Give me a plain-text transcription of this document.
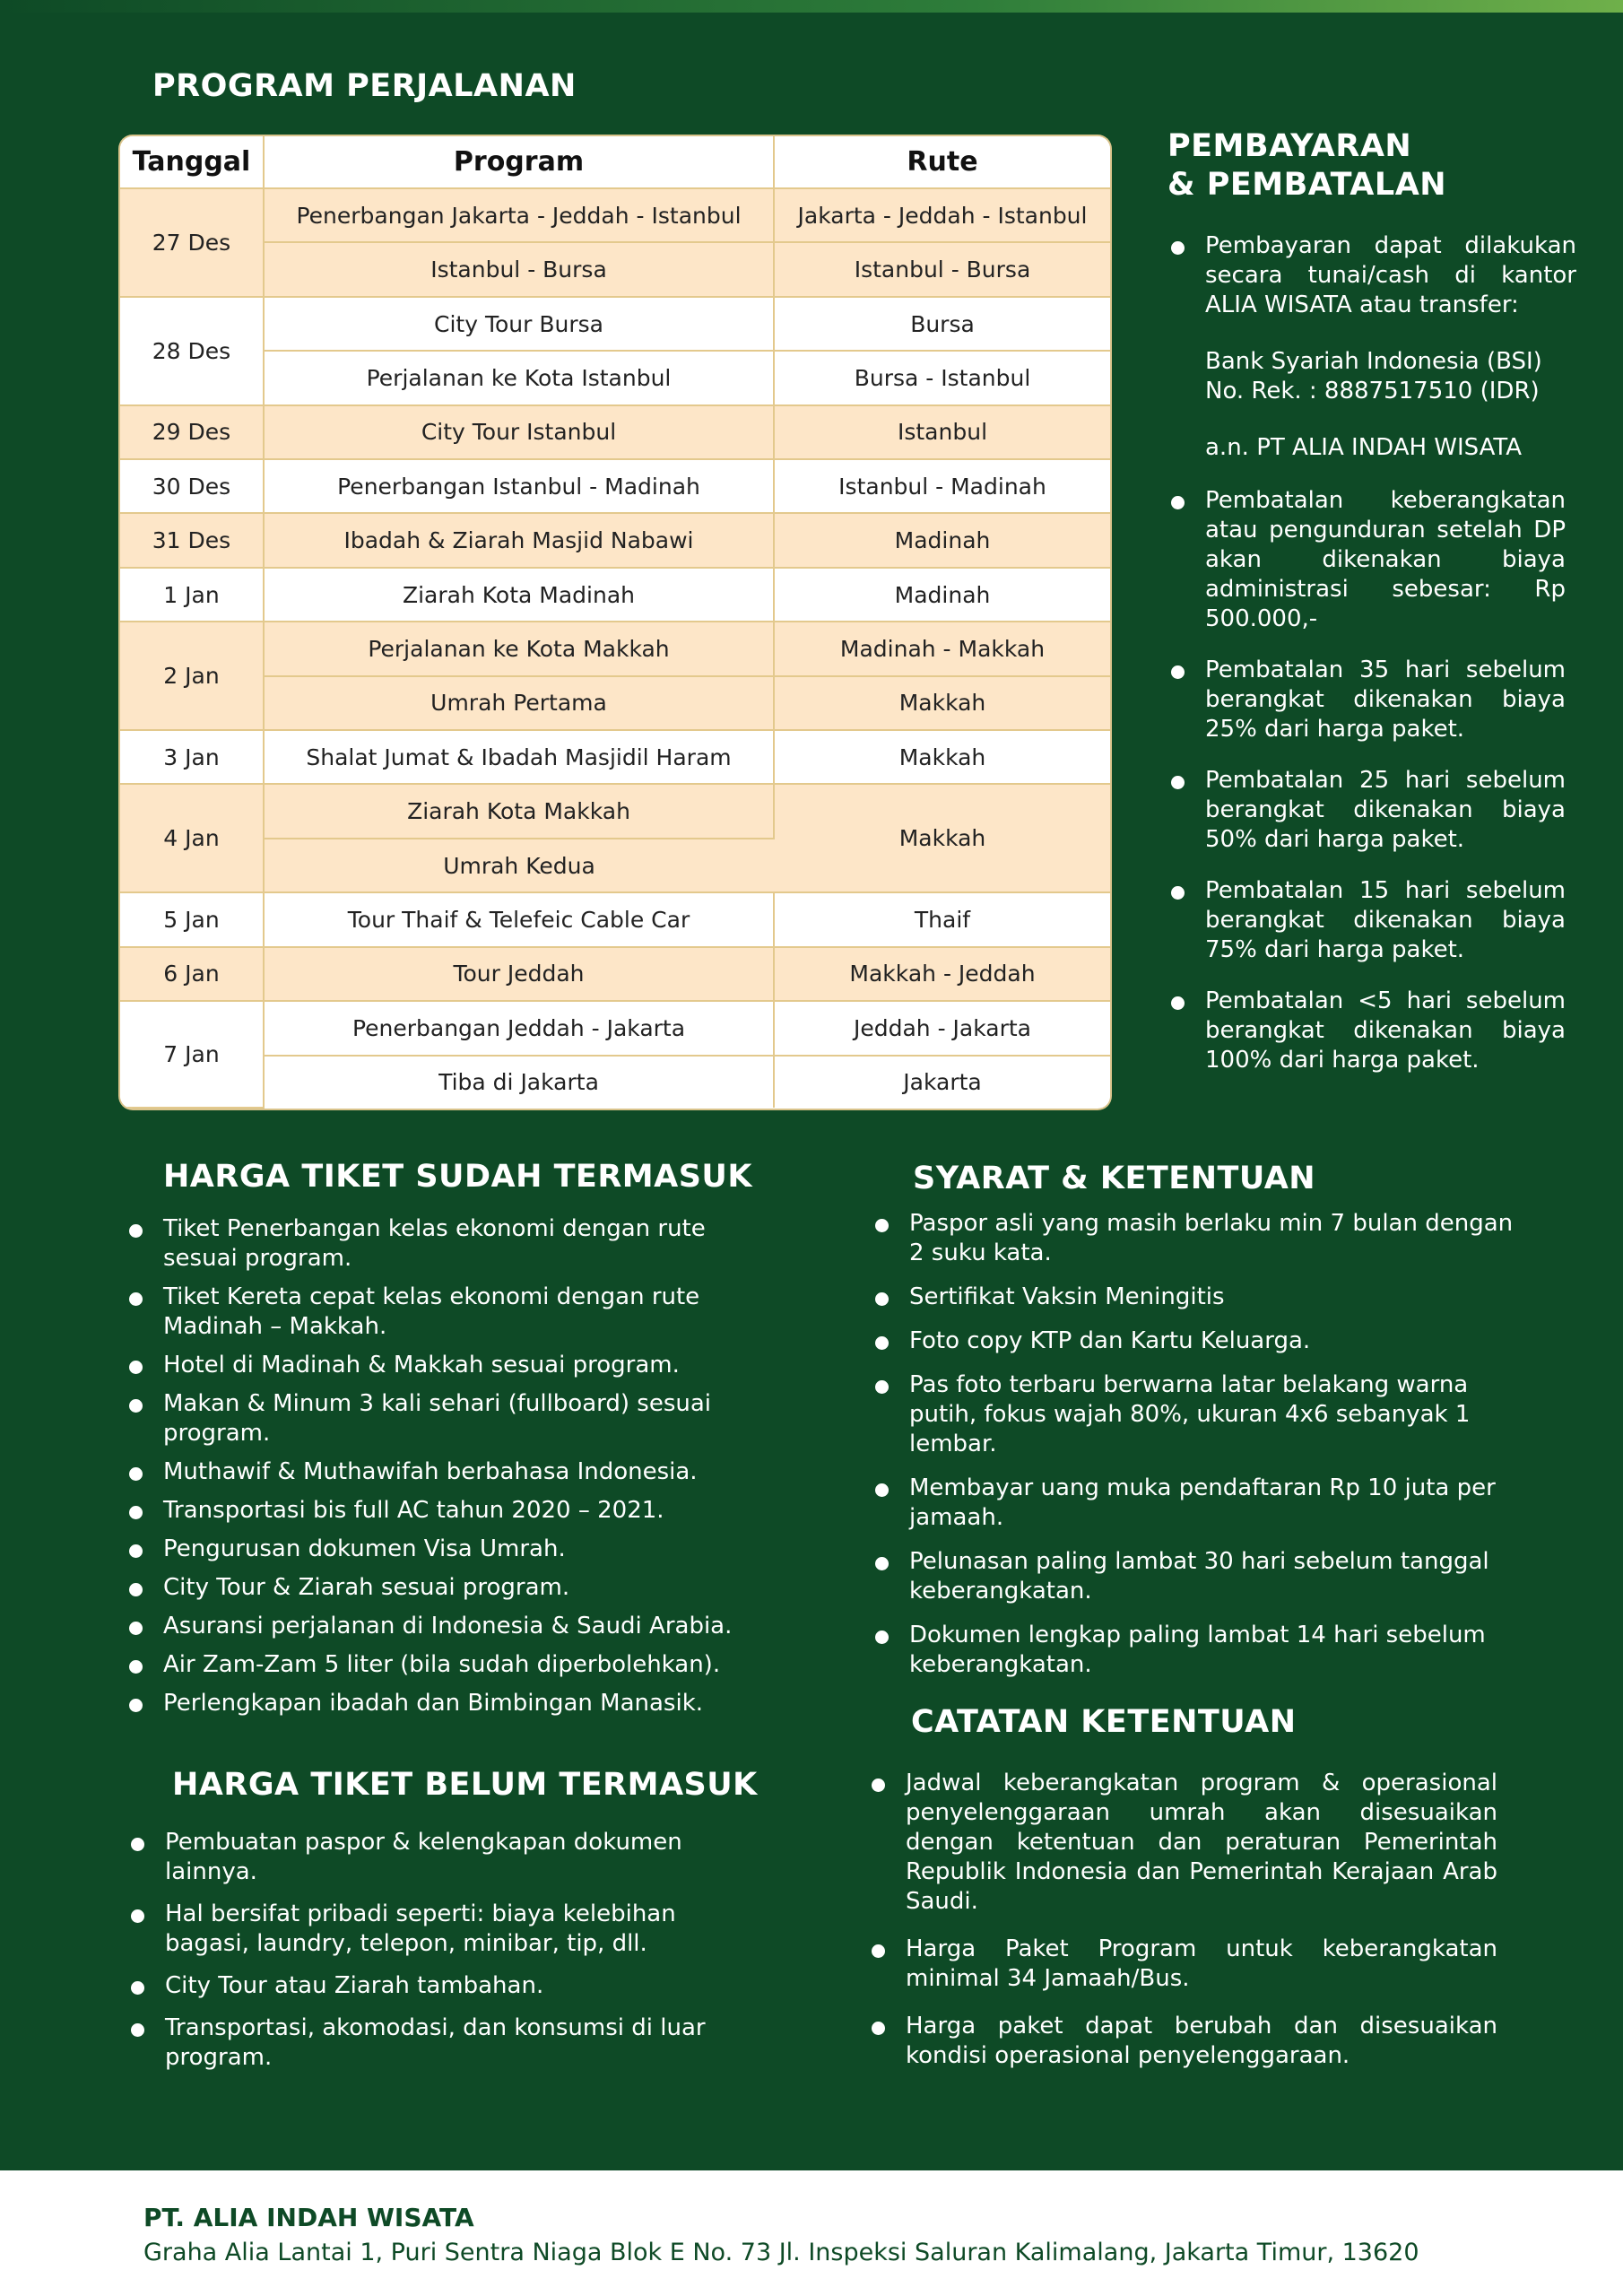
PROGRAM PERJALANAN
Tanggal	Program	Rute
27 Des	Penerbangan Jakarta - Jeddah - Istanbul	Jakarta - Jeddah - Istanbul
	Istanbul - Bursa	Istanbul - Bursa
28 Des	City Tour Bursa	Bursa
	Perjalanan ke Kota Istanbul	Bursa - Istanbul
29 Des	City Tour Istanbul	Istanbul
30 Des	Penerbangan Istanbul - Madinah	Istanbul - Madinah
31 Des	Ibadah & Ziarah Masjid Nabawi	Madinah
1 Jan	Ziarah Kota Madinah	Madinah
2 Jan	Perjalanan ke Kota Makkah	Madinah - Makkah
	Umrah Pertama	Makkah
3 Jan	Shalat Jumat & Ibadah Masjidil Haram	Makkah
4 Jan	Ziarah Kota Makkah	Makkah
	Umrah Kedua	
5 Jan	Tour Thaif & Telefeic Cable Car	Thaif
6 Jan	Tour Jeddah	Makkah - Jeddah
7 Jan	Penerbangan Jeddah - Jakarta	Jeddah - Jakarta
	Tiba di Jakarta	Jakarta
PEMBAYARAN
& PEMBATALAN
Pembayaran dapat dilakukan secara tunai/cash di kantor ALIA WISATA atau transfer:
Bank Syariah Indonesia (BSI)
No. Rek. : 8887517510 (IDR)
a.n. PT ALIA INDAH WISATA
Pembatalan keberangkatan atau pengunduran setelah DP akan dikenakan biaya administrasi sebesar: Rp 500.000,-
Pembatalan 35 hari sebelum berangkat dikenakan biaya 25% dari harga paket.
Pembatalan 25 hari sebelum berangkat dikenakan biaya 50% dari harga paket.
Pembatalan 15 hari sebelum berangkat dikenakan biaya 75% dari harga paket.
Pembatalan <5 hari sebelum berangkat dikenakan biaya 100% dari harga paket.
HARGA TIKET SUDAH TERMASUK
Tiket Penerbangan kelas ekonomi dengan rute sesuai program.
Tiket Kereta cepat kelas ekonomi dengan rute Madinah – Makkah.
Hotel di Madinah & Makkah sesuai program.
Makan & Minum 3 kali sehari (fullboard) sesuai program.
Muthawif & Muthawifah berbahasa Indonesia.
Transportasi bis full AC tahun 2020 – 2021.
Pengurusan dokumen Visa Umrah.
City Tour & Ziarah sesuai program.
Asuransi perjalanan di Indonesia & Saudi Arabia.
Air Zam-Zam 5 liter (bila sudah diperbolehkan).
Perlengkapan ibadah dan Bimbingan Manasik.
HARGA TIKET BELUM TERMASUK
Pembuatan paspor & kelengkapan dokumen lainnya.
Hal bersifat pribadi seperti: biaya kelebihan bagasi, laundry, telepon, minibar, tip, dll.
City Tour atau Ziarah tambahan.
Transportasi, akomodasi, dan konsumsi di luar program.
SYARAT & KETENTUAN
Paspor asli yang masih berlaku min 7 bulan dengan 2 suku kata.
Sertifikat Vaksin Meningitis
Foto copy KTP dan Kartu Keluarga.
Pas foto terbaru berwarna latar belakang warna putih, fokus wajah 80%, ukuran 4x6 sebanyak 1 lembar.
Membayar uang muka pendaftaran Rp 10 juta per jamaah.
Pelunasan paling lambat 30 hari sebelum tanggal keberangkatan.
Dokumen lengkap paling lambat 14 hari sebelum keberangkatan.
CATATAN KETENTUAN
Jadwal keberangkatan program & operasional penyelenggaraan umrah akan disesuaikan dengan ketentuan dan peraturan Pemerintah Republik Indonesia dan Pemerintah Kerajaan Arab Saudi.
Harga Paket Program untuk keberangkatan minimal 34 Jamaah/Bus.
Harga paket dapat berubah dan disesuaikan kondisi operasional penyelenggaraan.
PT. ALIA INDAH WISATA
Graha Alia Lantai 1, Puri Sentra Niaga Blok E No. 73 Jl. Inspeksi Saluran Kalimalang, Jakarta Timur, 13620
